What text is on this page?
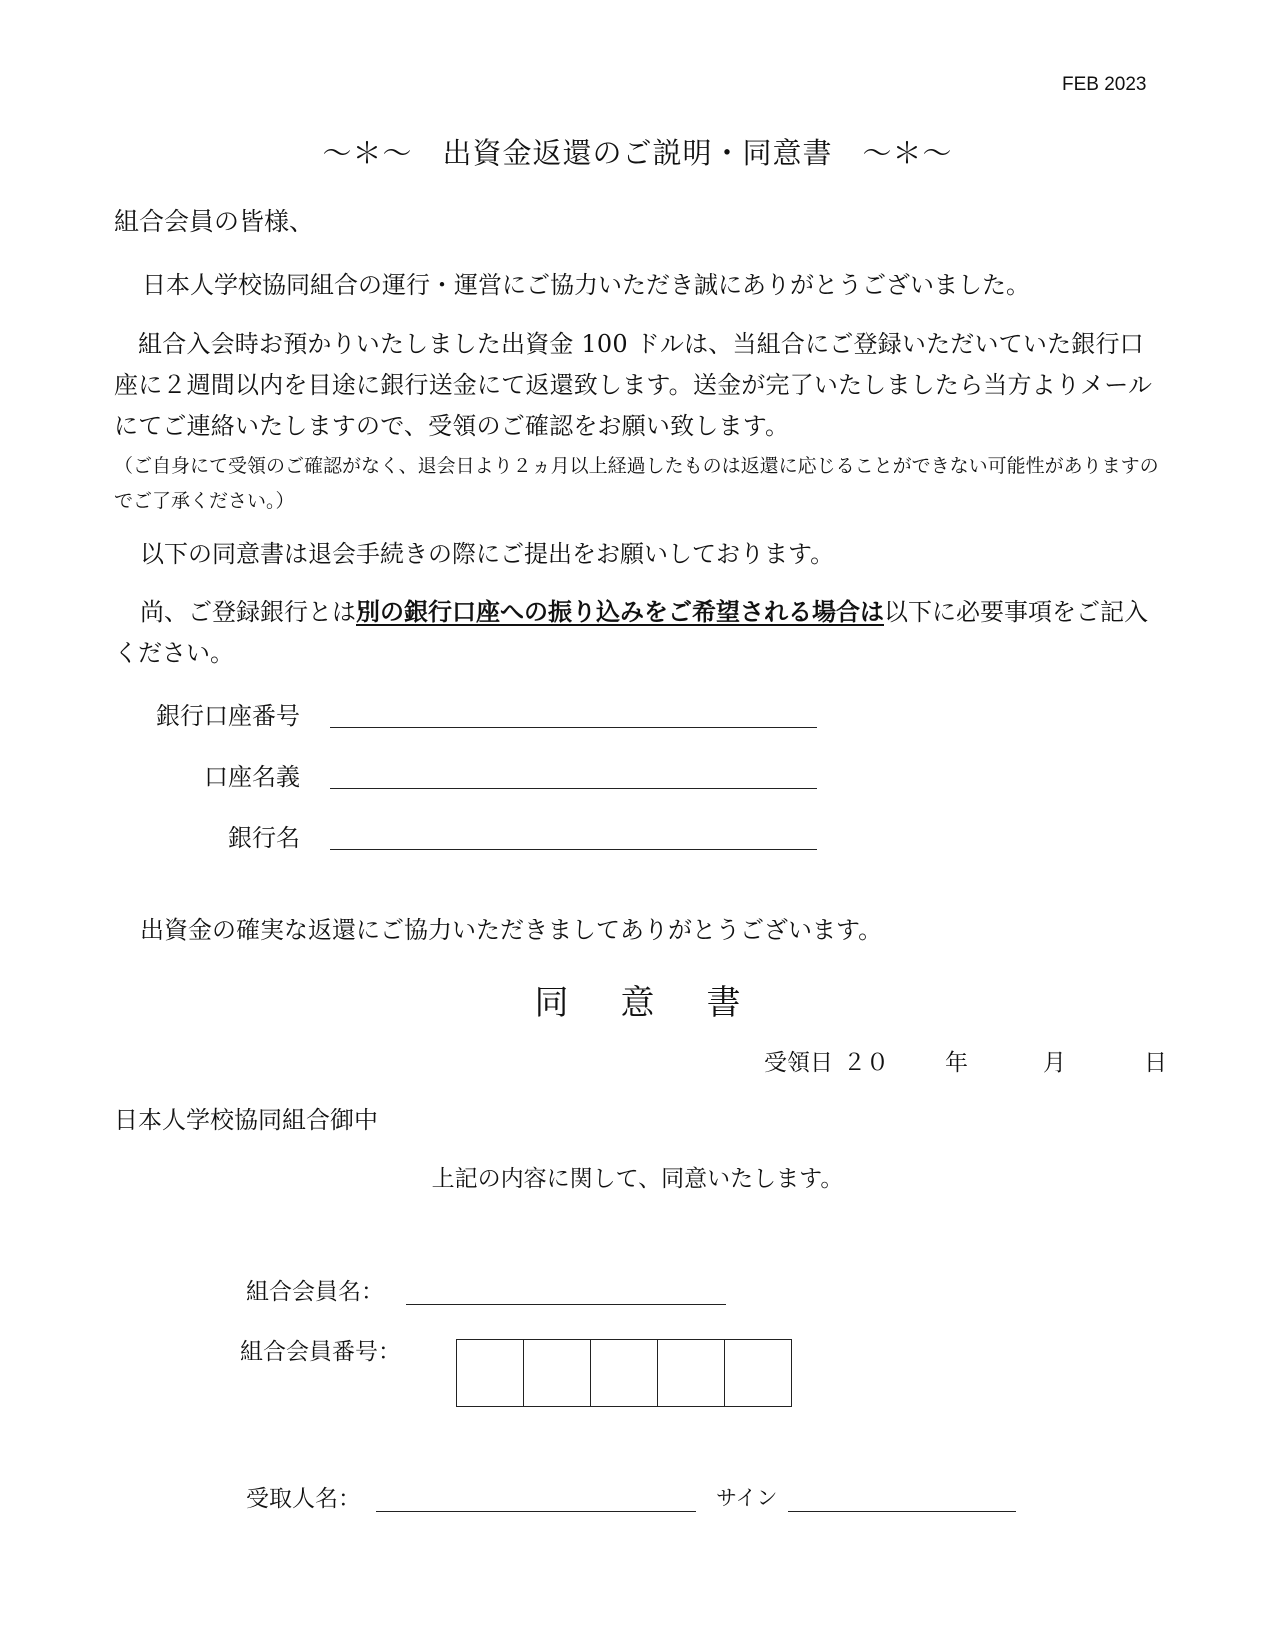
FEB 2023
～＊～　出資金返還のご説明・同意書　～＊～
組合会員の皆様、
日本人学校協同組合の運行・運営にご協力いただき誠にありがとうございました。
組合入会時お預かりいたしました出資金 100 ドルは、当組合にご登録いただいていた銀行口座に２週間以内を目途に銀行送金にて返還致します。送金が完了いたしましたら当方よりメールにてご連絡いたしますので、受領のご確認をお願い致します。
（ご自身にて受領のご確認がなく、退会日より２ヵ月以上経過したものは返還に応じることができない可能性がありますのでご了承ください。）
以下の同意書は退会手続きの際にご提出をお願いしております。
尚、ご登録銀行とは別の銀行口座への振り込みをご希望される場合は以下に必要事項をご記入ください。
銀行口座番号
口座名義
銀行名
出資金の確実な返還にご協力いただきましてありがとうございます。
同 意 書
受領日 ２０ 年	月	日
日本人学校協同組合御中
上記の内容に関して、同意いたします。
組合会員名：
組合会員番号：
受取人名：	サイン
